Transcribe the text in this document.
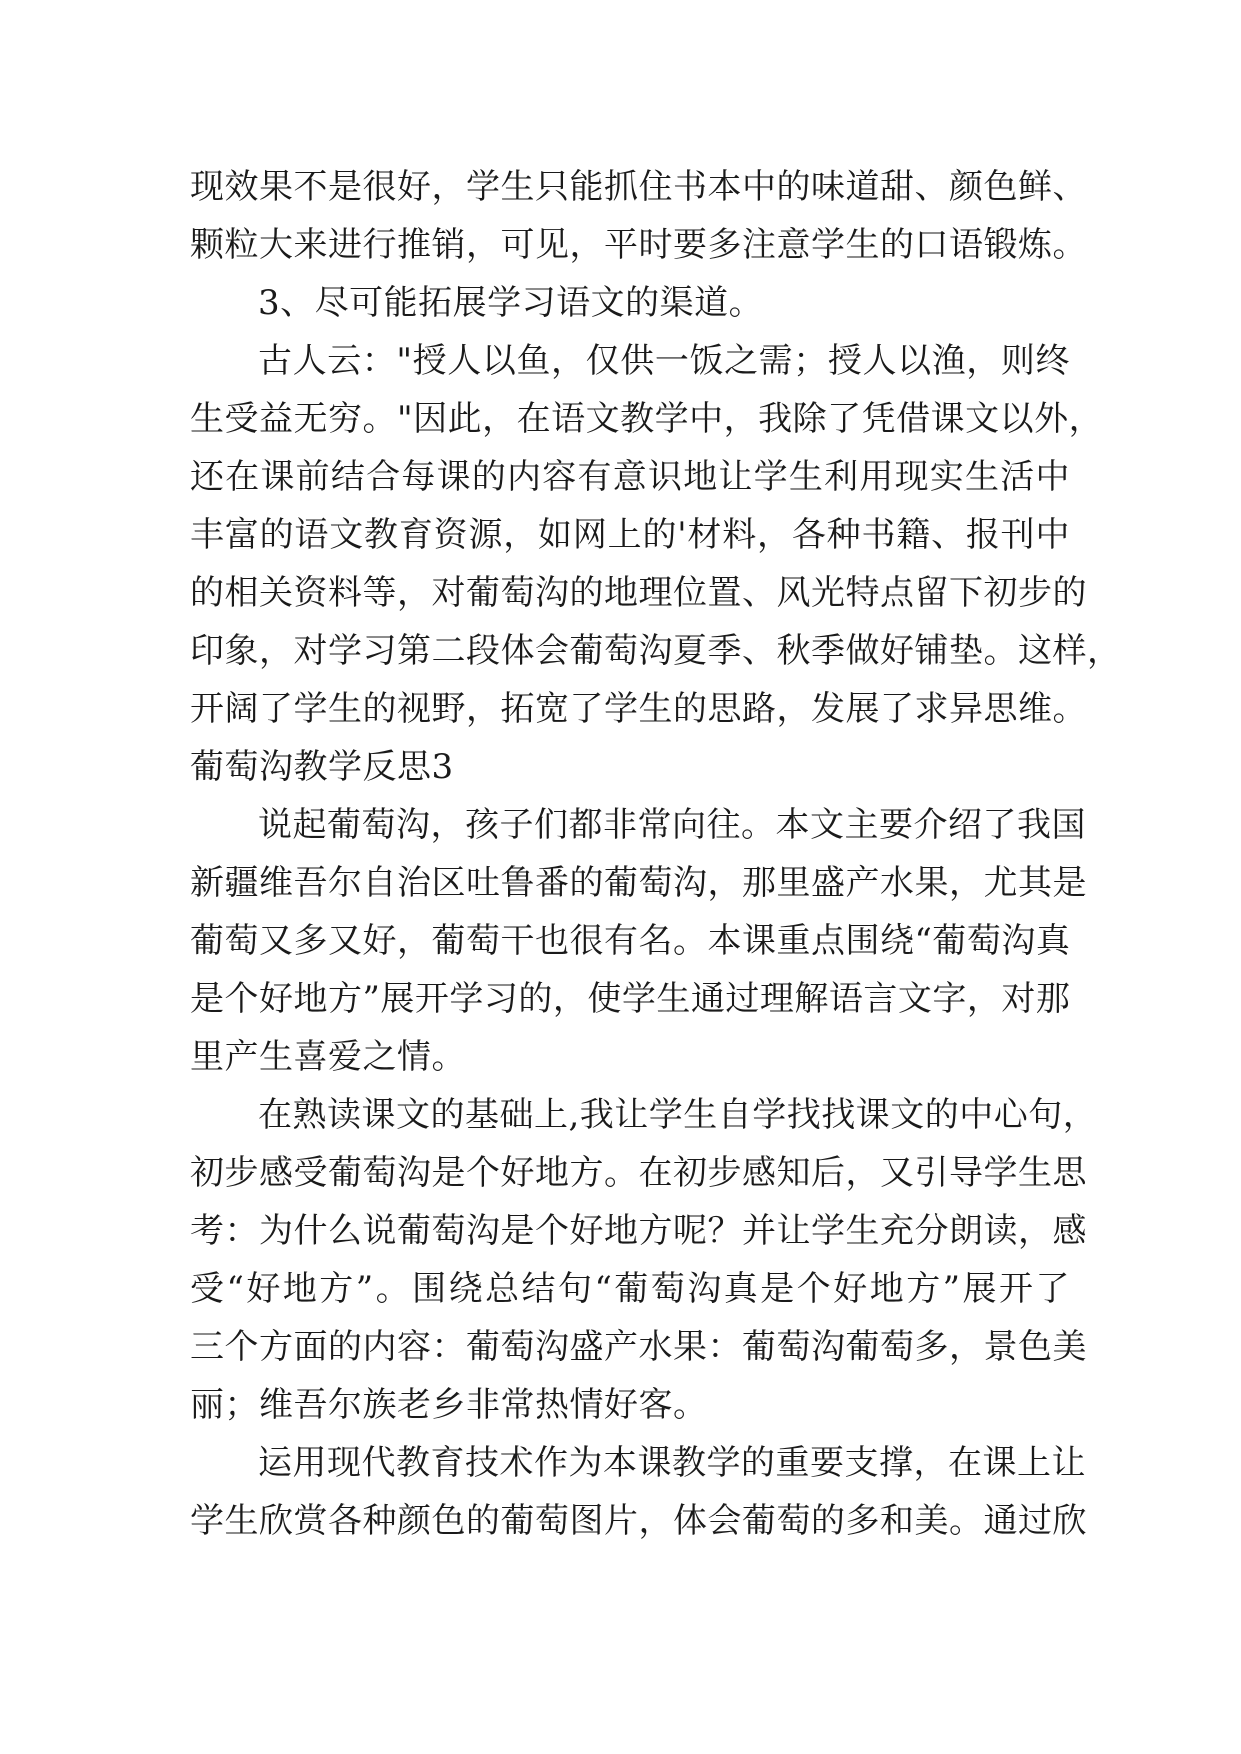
现效果不是很好，学生只能抓住书本中的味道甜、颜色鲜、
颗粒大来进行推销，可见，平时要多注意学生的口语锻炼。
3、尽可能拓展学习语文的渠道。
古人云："授人以鱼，仅供一饭之需；授人以渔，则终
生受益无穷。"因此，在语文教学中，我除了凭借课文以外，
还在课前结合每课的内容有意识地让学生利用现实生活中
丰富的语文教育资源，如网上的'材料，各种书籍、报刊中
的相关资料等，对葡萄沟的地理位置、风光特点留下初步的
印象，对学习第二段体会葡萄沟夏季、秋季做好铺垫。这样，
开阔了学生的视野，拓宽了学生的思路，发展了求异思维。
葡萄沟教学反思3
说起葡萄沟，孩子们都非常向往。本文主要介绍了我国
新疆维吾尔自治区吐鲁番的葡萄沟，那里盛产水果，尤其是
葡萄又多又好，葡萄干也很有名。本课重点围绕“葡萄沟真
是个好地方”展开学习的，使学生通过理解语言文字，对那
里产生喜爱之情。
在熟读课文的基础上,我让学生自学找找课文的中心句，
初步感受葡萄沟是个好地方。在初步感知后，又引导学生思
考：为什么说葡萄沟是个好地方呢？并让学生充分朗读，感
受“好地方”。围绕总结句“葡萄沟真是个好地方”展开了
三个方面的内容：葡萄沟盛产水果：葡萄沟葡萄多，景色美
丽；维吾尔族老乡非常热情好客。
运用现代教育技术作为本课教学的重要支撑，在课上让
学生欣赏各种颜色的葡萄图片，体会葡萄的多和美。通过欣
